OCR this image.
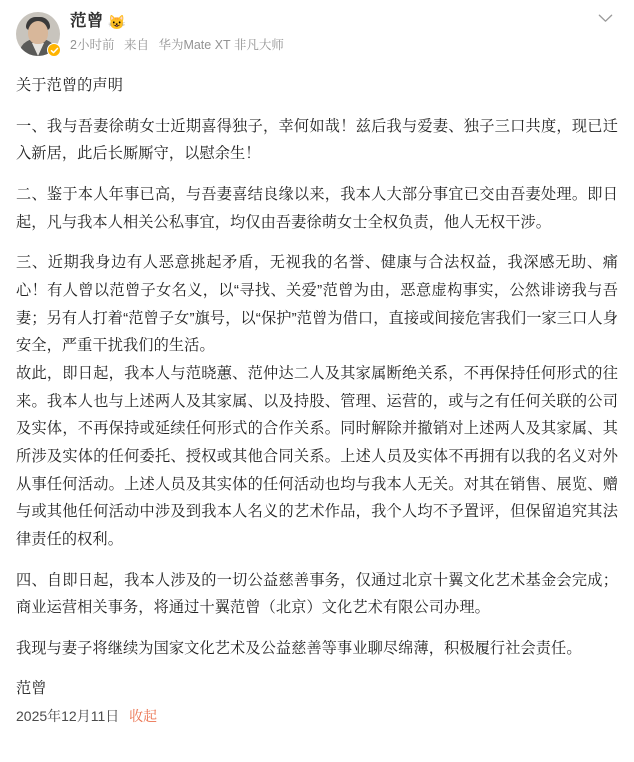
范曾 😺
2小时前 来自 华为Mate XT 非凡大师
关于范曾的声明

一、我与吾妻徐萌女士近期喜得独子，幸何如哉！兹后我与爱妻、独子三口共度，现已迁入新居，此后长厮厮守，以慰余生！

二、鉴于本人年事已高，与吾妻喜结良缘以来，我本人大部分事宜已交由吾妻处理。即日起，凡与我本人相关公私事宜，均仅由吾妻徐萌女士全权负责，他人无权干涉。

三、近期我身边有人恶意挑起矛盾，无视我的名誉、健康与合法权益，我深感无助、痛心！有人曾以范曾子女名义，以“寻找、关爱”范曾为由，恶意虚构事实，公然诽谤我与吾妻；另有人打着“范曾子女”旗号，以“保护”范曾为借口，直接或间接危害我们一家三口人身安全，严重干扰我们的生活。

故此，即日起，我本人与范晓蕙、范仲达二人及其家属断绝关系，不再保持任何形式的往来。我本人也与上述两人及其家属、以及持股、管理、运营的，或与之有任何关联的公司及实体，不再保持或延续任何形式的合作关系。同时解除并撤销对上述两人及其家属、其所涉及实体的任何委托、授权或其他合同关系。上述人员及实体不再拥有以我的名义对外从事任何活动。上述人员及其实体的任何活动也均与我本人无关。对其在销售、展览、赠与或其他任何活动中涉及到我本人名义的艺术作品，我个人均不予置评，但保留追究其法律责任的权利。

四、自即日起，我本人涉及的一切公益慈善事务，仅通过北京十翼文化艺术基金会完成；商业运营相关事务，将通过十翼范曾（北京）文化艺术有限公司办理。

我现与妻子将继续为国家文化艺术及公益慈善等事业聊尽绵薄，积极履行社会责任。

范曾
2025年12月11日 收起
